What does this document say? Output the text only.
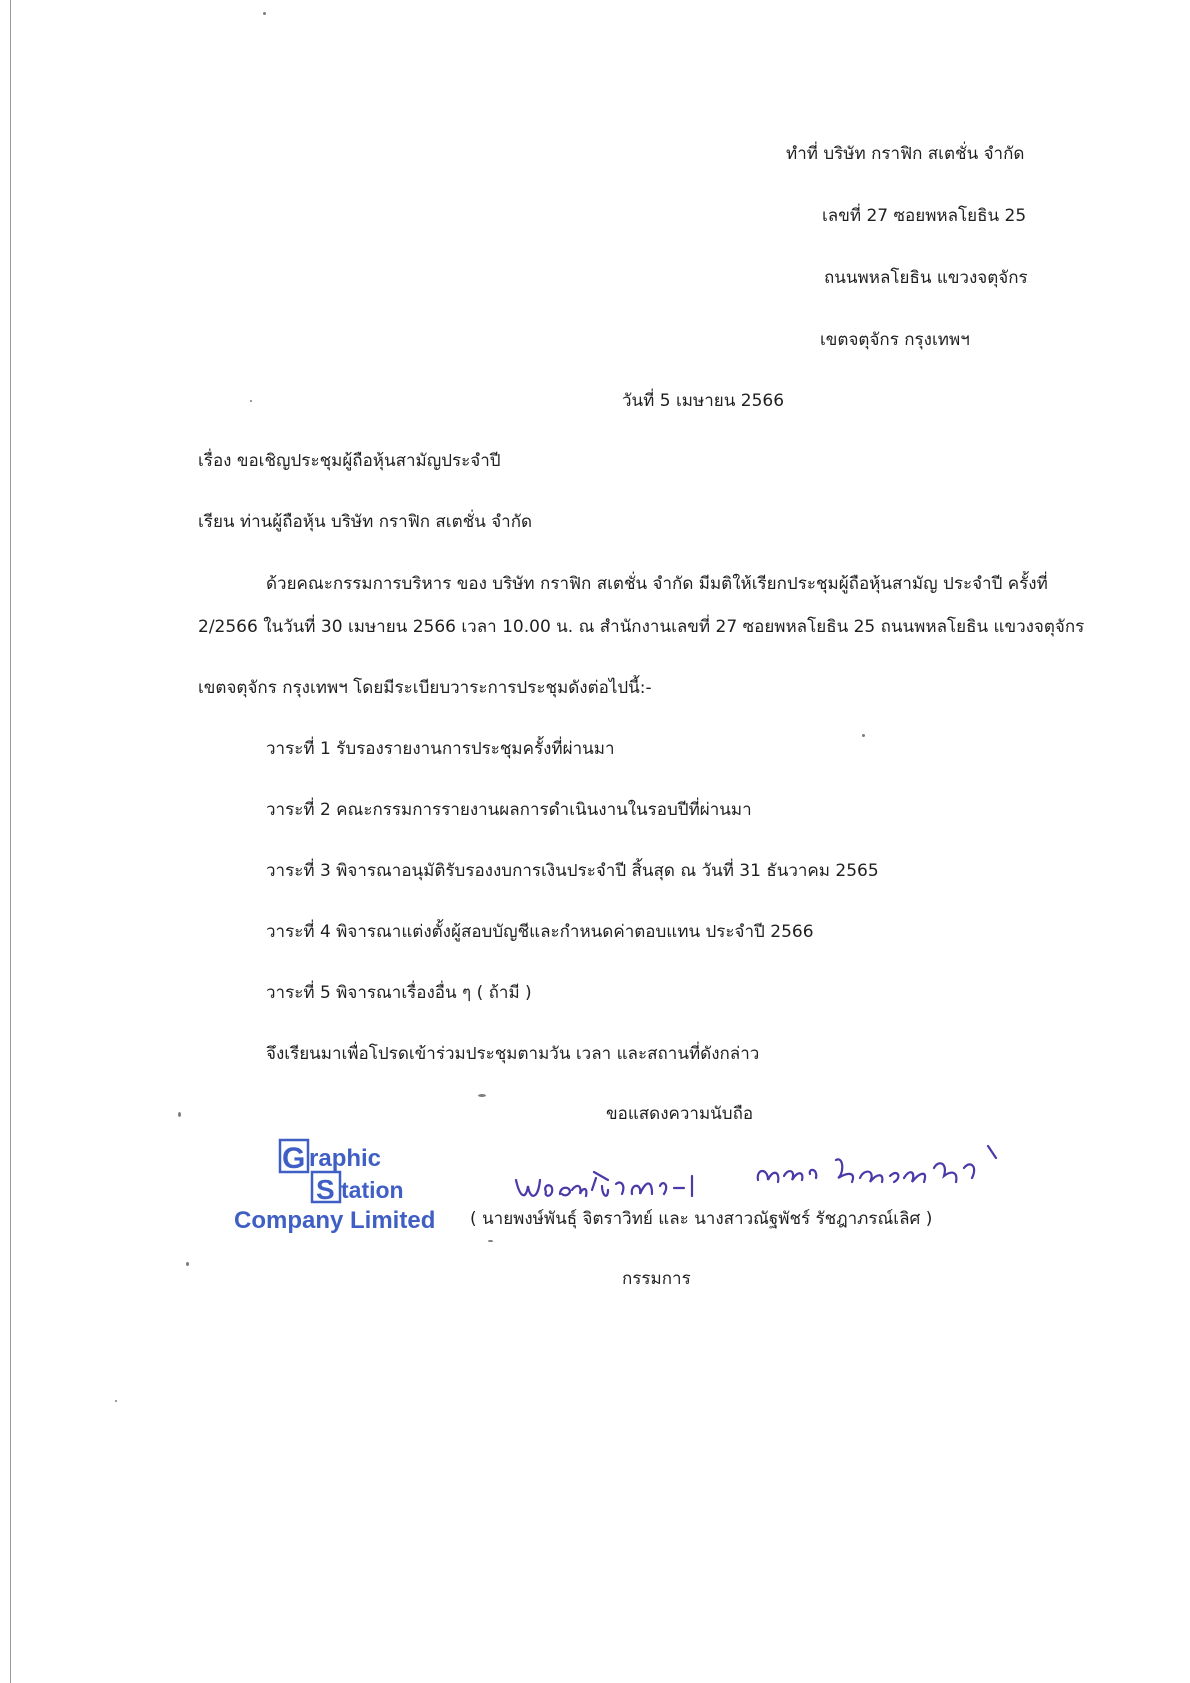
ทำที่ บริษัท กราฟิก สเตชั่น จำกัด
เลขที่ 27 ซอยพหลโยธิน 25
ถนนพหลโยธิน แขวงจตุจักร
เขตจตุจักร กรุงเทพฯ
วันที่ 5 เมษายน 2566
เรื่อง ขอเชิญประชุมผู้ถือหุ้นสามัญประจำปี
เรียน ท่านผู้ถือหุ้น บริษัท กราฟิก สเตชั่น จำกัด
ด้วยคณะกรรมการบริหาร ของ บริษัท กราฟิก สเตชั่น จำกัด มีมติให้เรียกประชุมผู้ถือหุ้นสามัญ ประจำปี ครั้งที่
2/2566 ในวันที่ 30 เมษายน 2566 เวลา 10.00 น. ณ สำนักงานเลขที่ 27 ซอยพหลโยธิน 25 ถนนพหลโยธิน แขวงจตุจักร
เขตจตุจักร กรุงเทพฯ โดยมีระเบียบวาระการประชุมดังต่อไปนี้:-
วาระที่ 1 รับรองรายงานการประชุมครั้งที่ผ่านมา
วาระที่ 2 คณะกรรมการรายงานผลการดำเนินงานในรอบปีที่ผ่านมา
วาระที่ 3 พิจารณาอนุมัติรับรองงบการเงินประจำปี สิ้นสุด ณ วันที่ 31 ธันวาคม 2565
วาระที่ 4 พิจารณาแต่งตั้งผู้สอบบัญชีและกำหนดค่าตอบแทน ประจำปี 2566
วาระที่ 5 พิจารณาเรื่องอื่น ๆ ( ถ้ามี )
จึงเรียนมาเพื่อโปรดเข้าร่วมประชุมตามวัน เวลา และสถานที่ดังกล่าว
ขอแสดงความนับถือ
G raphic
S tation
Company Limited ( นายพงษ์พันธุ์ จิตราวิทย์ และ นางสาวณัฐพัชร์ รัชฎาภรณ์เลิศ )
กรรมการ
